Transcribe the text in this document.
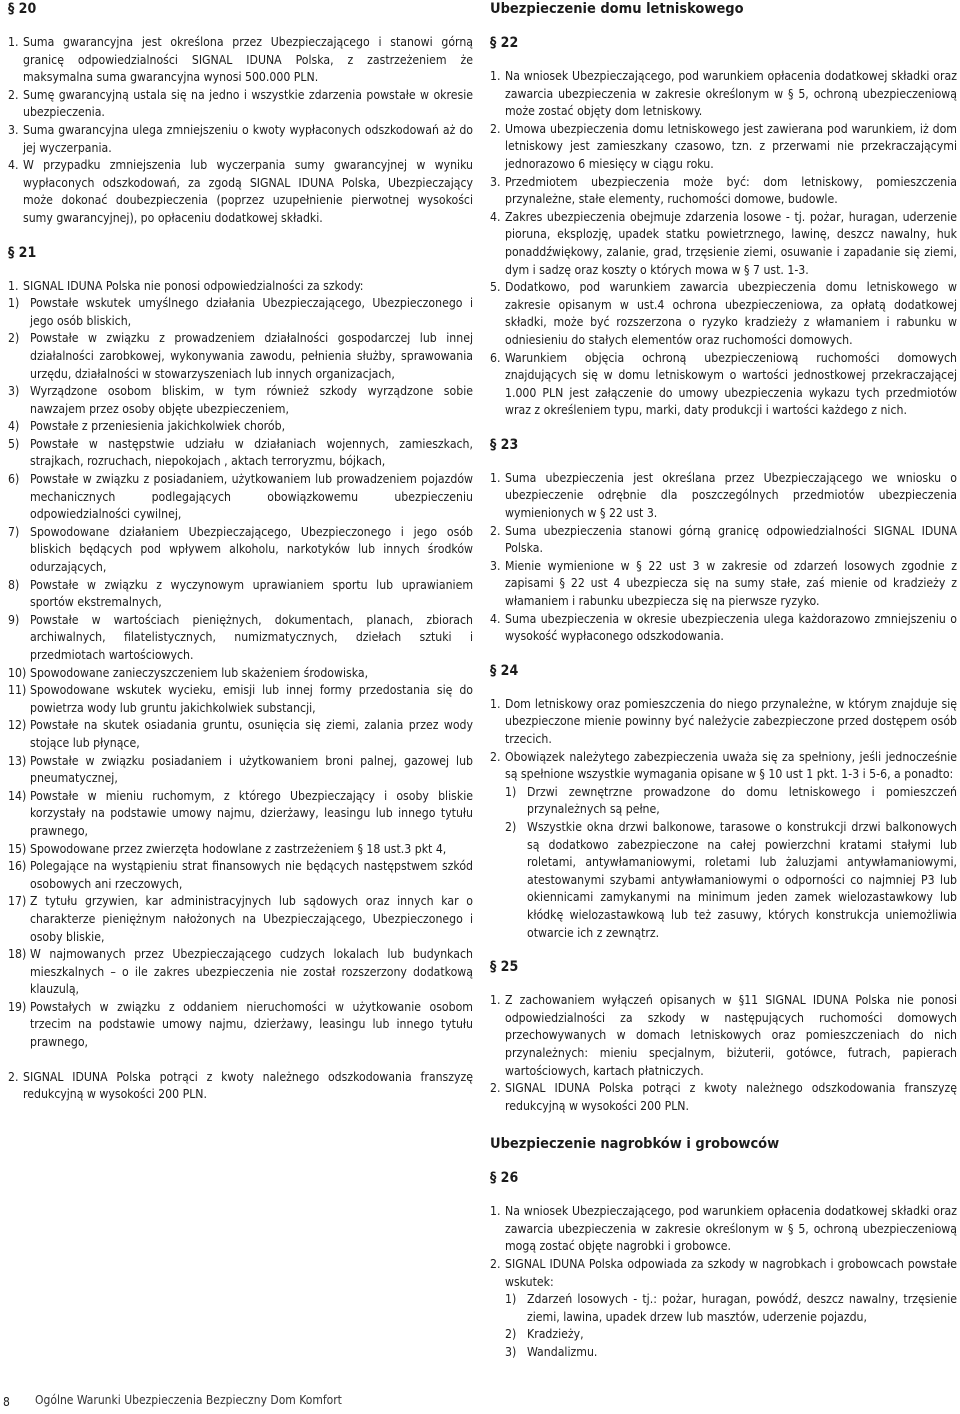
§ 20

1. Suma gwarancyjna jest określona przez Ubezpieczającego i stanowi górną granicę odpowiedzialności SIGNAL IDUNA Polska, z zastrzeżeniem że maksymalna suma gwarancyjna wynosi 500.000 PLN.
2. Sumę gwarancyjną ustala się na jedno i wszystkie zdarzenia powstałe w okresie ubezpieczenia.
3. Suma gwarancyjna ulega zmniejszeniu o kwoty wypłaconych odszkodowań aż do jej wyczerpania.
4. W przypadku zmniejszenia lub wyczerpania sumy gwarancyjnej w wyniku wypłaconych odszkodowań, za zgodą SIGNAL IDUNA Polska, Ubezpieczający może dokonać doubezpieczenia (poprzez uzupełnienie pierwotnej wysokości sumy gwarancyjnej), po opłaceniu dodatkowej składki.

§ 21

1. SIGNAL IDUNA Polska nie ponosi odpowiedzialności za szkody:
1) Powstałe wskutek umyślnego działania Ubezpieczającego, Ubezpieczonego i jego osób bliskich,
2) Powstałe w związku z prowadzeniem działalności gospodarczej lub innej działalności zarobkowej, wykonywania zawodu, pełnienia służby, sprawowania urzędu, działalności w stowarzyszeniach lub innych organizacjach,
3) Wyrządzone osobom bliskim, w tym również szkody wyrządzone sobie nawzajem przez osoby objęte ubezpieczeniem,
4) Powstałe z przeniesienia jakichkolwiek chorób,
5) Powstałe w następstwie udziału w działaniach wojennych, zamieszkach, strajkach, rozruchach, niepokojach , aktach terroryzmu, bójkach,
6) Powstałe w związku z posiadaniem, użytkowaniem lub prowadzeniem pojazdów mechanicznych podlegających obowiązkowemu ubezpieczeniu odpowiedzialności cywilnej,
7) Spowodowane działaniem Ubezpieczającego, Ubezpieczonego i jego osób bliskich będących pod wpływem alkoholu, narkotyków lub innych środków odurzających,
8) Powstałe w związku z wyczynowym uprawianiem sportu lub uprawianiem sportów ekstremalnych,
9) Powstałe w wartościach pieniężnych, dokumentach, planach, zbiorach archiwalnych, filatelistycznych, numizmatycznych, dziełach sztuki i przedmiotach wartościowych.
10) Spowodowane zanieczyszczeniem lub skażeniem środowiska,
11) Spowodowane wskutek wycieku, emisji lub innej formy przedostania się do powietrza wody lub gruntu jakichkolwiek substancji,
12) Powstałe na skutek osiadania gruntu, osunięcia się ziemi, zalania przez wody stojące lub płynące,
13) Powstałe w związku posiadaniem i użytkowaniem broni palnej, gazowej lub pneumatycznej,
14) Powstałe w mieniu ruchomym, z którego Ubezpieczający i osoby bliskie korzystały na podstawie umowy najmu, dzierżawy, leasingu lub innego tytułu prawnego,
15) Spowodowane przez zwierzęta hodowlane z zastrzeżeniem § 18 ust.3 pkt 4,
16) Polegające na wystąpieniu strat finansowych nie będących następstwem szkód osobowych ani rzeczowych,
17) Z tytułu grzywien, kar administracyjnych lub sądowych oraz innych kar o charakterze pieniężnym nałożonych na Ubezpieczającego, Ubezpieczonego i osoby bliskie,
18) W najmowanych przez Ubezpieczającego cudzych lokalach lub budynkach mieszkalnych – o ile zakres ubezpieczenia nie został rozszerzony dodatkową klauzulą,
19) Powstałych w związku z oddaniem nieruchomości w użytkowanie osobom trzecim na podstawie umowy najmu, dzierżawy, leasingu lub innego tytułu prawnego,
2. SIGNAL IDUNA Polska potrąci z kwoty należnego odszkodowania franszyzę redukcyjną w wysokości 200 PLN.

Ubezpieczenie domu letniskowego

§ 22

1. Na wniosek Ubezpieczającego, pod warunkiem opłacenia dodatkowej składki oraz zawarcia ubezpieczenia w zakresie określonym w § 5, ochroną ubezpieczeniową może zostać objęty dom letniskowy.
2. Umowa ubezpieczenia domu letniskowego jest zawierana pod warunkiem, iż dom letniskowy jest zamieszkany czasowo, tzn. z przerwami nie przekraczającymi jednorazowo 6 miesięcy w ciągu roku.
3. Przedmiotem ubezpieczenia może być: dom letniskowy, pomieszczenia przynależne, stałe elementy, ruchomości domowe, budowle.
4. Zakres ubezpieczenia obejmuje zdarzenia losowe - tj. pożar, huragan, uderzenie pioruna, eksplozję, upadek statku powietrznego, lawinę, deszcz nawalny, huk ponaddźwiękowy, zalanie, grad, trzęsienie ziemi, osuwanie i zapadanie się ziemi, dym i sadzę oraz koszty o których mowa w § 7 ust. 1-3.
5. Dodatkowo, pod warunkiem zawarcia ubezpieczenia domu letniskowego w zakresie opisanym w ust.4 ochrona ubezpieczeniowa, za opłatą dodatkowej składki, może być rozszerzona o ryzyko kradzieży z włamaniem i rabunku w odniesieniu do stałych elementów oraz ruchomości domowych.
6. Warunkiem objęcia ochroną ubezpieczeniową ruchomości domowych znajdujących się w domu letniskowym o wartości jednostkowej przekraczającej 1.000 PLN jest załączenie do umowy ubezpieczenia wykazu tych przedmiotów wraz z określeniem typu, marki, daty produkcji i wartości każdego z nich.

§ 23

1. Suma ubezpieczenia jest określana przez Ubezpieczającego we wniosku o ubezpieczenie odrębnie dla poszczególnych przedmiotów ubezpieczenia wymienionych w § 22 ust 3.
2. Suma ubezpieczenia stanowi górną granicę odpowiedzialności SIGNAL IDUNA Polska.
3. Mienie wymienione w § 22 ust 3 w zakresie od zdarzeń losowych zgodnie z zapisami § 22 ust 4 ubezpiecza się na sumy stałe, zaś mienie od kradzieży z włamaniem i rabunku ubezpiecza się na pierwsze ryzyko.
4. Suma ubezpieczenia w okresie ubezpieczenia ulega każdorazowo zmniejszeniu o wysokość wypłaconego odszkodowania.

§ 24

1. Dom letniskowy oraz pomieszczenia do niego przynależne, w którym znajduje się ubezpieczone mienie powinny być należycie zabezpieczone przed dostępem osób trzecich.
2. Obowiązek należytego zabezpieczenia uważa się za spełniony, jeśli jednocześnie są spełnione wszystkie wymagania opisane w § 10 ust 1 pkt. 1-3 i 5-6, a ponadto:
1) Drzwi zewnętrzne prowadzone do domu letniskowego i pomieszczeń przynależnych są pełne,
2) Wszystkie okna drzwi balkonowe, tarasowe o konstrukcji drzwi balkonowych są dodatkowo zabezpieczone na całej powierzchni kratami stałymi lub roletami, antywłamaniowymi, roletami lub żaluzjami antywłamaniowymi, atestowanymi szybami antywłamaniowymi o odporności co najmniej P3 lub okiennicami zamykanymi na minimum jeden zamek wielozastawkowy lub kłódkę wielozastawkową lub też zasuwy, których konstrukcja uniemożliwia otwarcie ich z zewnątrz.

§ 25

1. Z zachowaniem wyłączeń opisanych w §11 SIGNAL IDUNA Polska nie ponosi odpowiedzialności za szkody w następujących ruchomości domowych przechowywanych w domach letniskowych oraz pomieszczeniach do nich przynależnych: mieniu specjalnym, biżuterii, gotówce, futrach, papierach wartościowych, kartach płatniczych.
2. SIGNAL IDUNA Polska potrąci z kwoty należnego odszkodowania franszyzę redukcyjną w wysokości 200 PLN.

Ubezpieczenie nagrobków i grobowców

§ 26

1. Na wniosek Ubezpieczającego, pod warunkiem opłacenia dodatkowej składki oraz zawarcia ubezpieczenia w zakresie określonym w § 5, ochroną ubezpieczeniową mogą zostać objęte nagrobki i grobowce.
2. SIGNAL IDUNA Polska odpowiada za szkody w nagrobkach i grobowcach powstałe wskutek:
1) Zdarzeń losowych - tj.: pożar, huragan, powódź, deszcz nawalny, trzęsienie ziemi, lawina, upadek drzew lub masztów, uderzenie pojazdu,
2) Kradzieży,
3) Wandalizmu.
8 Ogólne Warunki Ubezpieczenia Bezpieczny Dom Komfort
